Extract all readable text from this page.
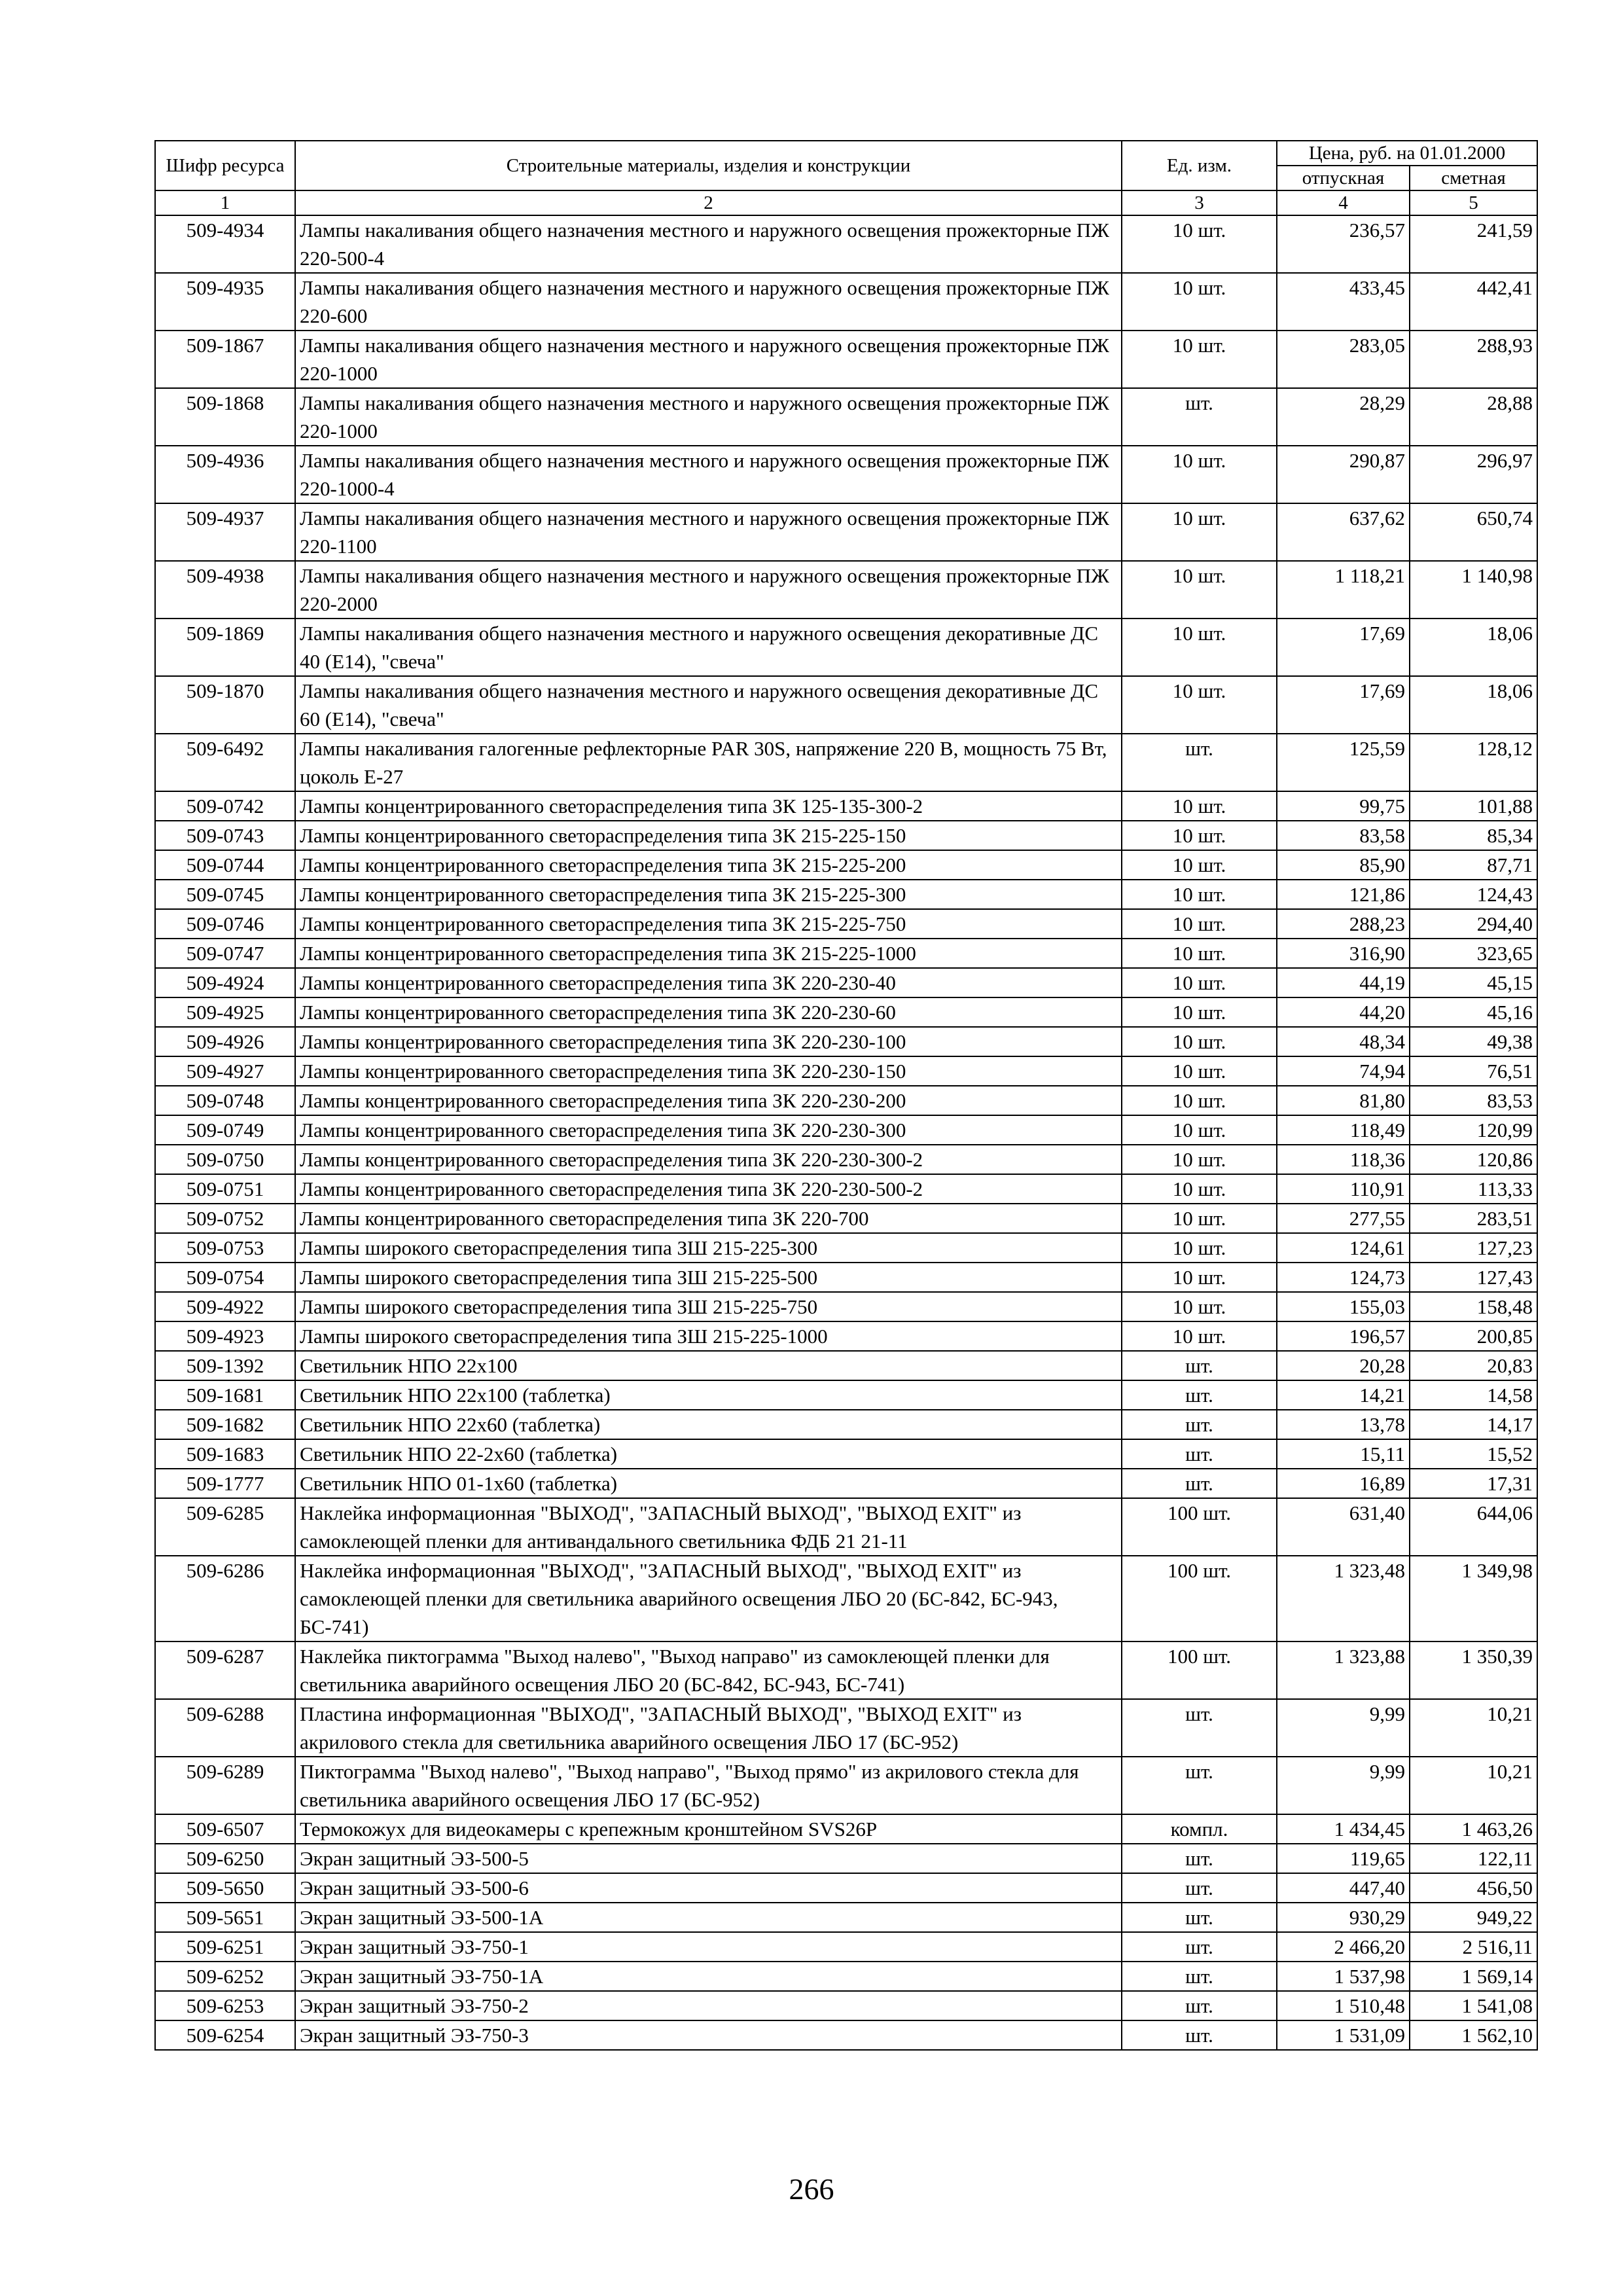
Шифр ресурса	Строительные материалы, изделия и конструкции	Ед. изм.	Цена, руб. на 01.01.2000	
			отпускная	сметная
1	2	3	4	5
509-4934	Лампы накаливания общего назначения местного и наружного освещения прожекторные ПЖ 220-500-4	10 шт.	236,57	241,59
509-4935	Лампы накаливания общего назначения местного и наружного освещения прожекторные ПЖ 220-600	10 шт.	433,45	442,41
509-1867	Лампы накаливания общего назначения местного и наружного освещения прожекторные ПЖ 220-1000	10 шт.	283,05	288,93
509-1868	Лампы накаливания общего назначения местного и наружного освещения прожекторные ПЖ 220-1000	шт.	28,29	28,88
509-4936	Лампы накаливания общего назначения местного и наружного освещения прожекторные ПЖ 220-1000-4	10 шт.	290,87	296,97
509-4937	Лампы накаливания общего назначения местного и наружного освещения прожекторные ПЖ 220-1100	10 шт.	637,62	650,74
509-4938	Лампы накаливания общего назначения местного и наружного освещения прожекторные ПЖ 220-2000	10 шт.	1 118,21	1 140,98
509-1869	Лампы накаливания общего назначения местного и наружного освещения декоративные ДС 40 (Е14), "свеча"	10 шт.	17,69	18,06
509-1870	Лампы накаливания общего назначения местного и наружного освещения декоративные ДС 60 (Е14), "свеча"	10 шт.	17,69	18,06
509-6492	Лампы накаливания галогенные рефлекторные PAR 30S, напряжение 220 В, мощность 75 Вт, цоколь Е-27	шт.	125,59	128,12
509-0742	Лампы концентрированного светораспределения типа ЗК 125-135-300-2	10 шт.	99,75	101,88
509-0743	Лампы концентрированного светораспределения типа ЗК 215-225-150	10 шт.	83,58	85,34
509-0744	Лампы концентрированного светораспределения типа ЗК 215-225-200	10 шт.	85,90	87,71
509-0745	Лампы концентрированного светораспределения типа ЗК 215-225-300	10 шт.	121,86	124,43
509-0746	Лампы концентрированного светораспределения типа ЗК 215-225-750	10 шт.	288,23	294,40
509-0747	Лампы концентрированного светораспределения типа ЗК 215-225-1000	10 шт.	316,90	323,65
509-4924	Лампы концентрированного светораспределения типа ЗК 220-230-40	10 шт.	44,19	45,15
509-4925	Лампы концентрированного светораспределения типа ЗК 220-230-60	10 шт.	44,20	45,16
509-4926	Лампы концентрированного светораспределения типа ЗК 220-230-100	10 шт.	48,34	49,38
509-4927	Лампы концентрированного светораспределения типа ЗК 220-230-150	10 шт.	74,94	76,51
509-0748	Лампы концентрированного светораспределения типа ЗК 220-230-200	10 шт.	81,80	83,53
509-0749	Лампы концентрированного светораспределения типа ЗК 220-230-300	10 шт.	118,49	120,99
509-0750	Лампы концентрированного светораспределения типа ЗК 220-230-300-2	10 шт.	118,36	120,86
509-0751	Лампы концентрированного светораспределения типа ЗК 220-230-500-2	10 шт.	110,91	113,33
509-0752	Лампы концентрированного светораспределения типа ЗК 220-700	10 шт.	277,55	283,51
509-0753	Лампы широкого светораспределения типа ЗШ 215-225-300	10 шт.	124,61	127,23
509-0754	Лампы широкого светораспределения типа ЗШ 215-225-500	10 шт.	124,73	127,43
509-4922	Лампы широкого светораспределения типа ЗШ 215-225-750	10 шт.	155,03	158,48
509-4923	Лампы широкого светораспределения типа ЗШ 215-225-1000	10 шт.	196,57	200,85
509-1392	Светильник НПО 22х100	шт.	20,28	20,83
509-1681	Светильник НПО 22х100 (таблетка)	шт.	14,21	14,58
509-1682	Светильник НПО 22х60 (таблетка)	шт.	13,78	14,17
509-1683	Светильник НПО 22-2х60 (таблетка)	шт.	15,11	15,52
509-1777	Светильник НПО 01-1х60 (таблетка)	шт.	16,89	17,31
509-6285	Наклейка информационная "ВЫХОД", "ЗАПАСНЫЙ ВЫХОД", "ВЫХОД EXIT" из самоклеющей пленки для антивандального светильника ФДБ 21 21-11	100 шт.	631,40	644,06
509-6286	Наклейка информационная "ВЫХОД", "ЗАПАСНЫЙ ВЫХОД", "ВЫХОД EXIT" из самоклеющей пленки для светильника аварийного освещения ЛБО 20 (БС-842, БС-943, БС-741)	100 шт.	1 323,48	1 349,98
509-6287	Наклейка пиктограмма "Выход налево", "Выход направо" из самоклеющей пленки для светильника аварийного освещения ЛБО 20 (БС-842, БС-943, БС-741)	100 шт.	1 323,88	1 350,39
509-6288	Пластина информационная "ВЫХОД", "ЗАПАСНЫЙ ВЫХОД", "ВЫХОД EXIT" из акрилового стекла для светильника аварийного освещения ЛБО 17 (БС-952)	шт.	9,99	10,21
509-6289	Пиктограмма "Выход налево", "Выход направо", "Выход прямо" из акрилового стекла для светильника аварийного освещения ЛБО 17 (БС-952)	шт.	9,99	10,21
509-6507	Термокожух для видеокамеры с крепежным кронштейном SVS26P	компл.	1 434,45	1 463,26
509-6250	Экран защитный ЭЗ-500-5	шт.	119,65	122,11
509-5650	Экран защитный ЭЗ-500-6	шт.	447,40	456,50
509-5651	Экран защитный ЭЗ-500-1А	шт.	930,29	949,22
509-6251	Экран защитный ЭЗ-750-1	шт.	2 466,20	2 516,11
509-6252	Экран защитный ЭЗ-750-1А	шт.	1 537,98	1 569,14
509-6253	Экран защитный ЭЗ-750-2	шт.	1 510,48	1 541,08
509-6254	Экран защитный ЭЗ-750-3	шт.	1 531,09	1 562,10
266
